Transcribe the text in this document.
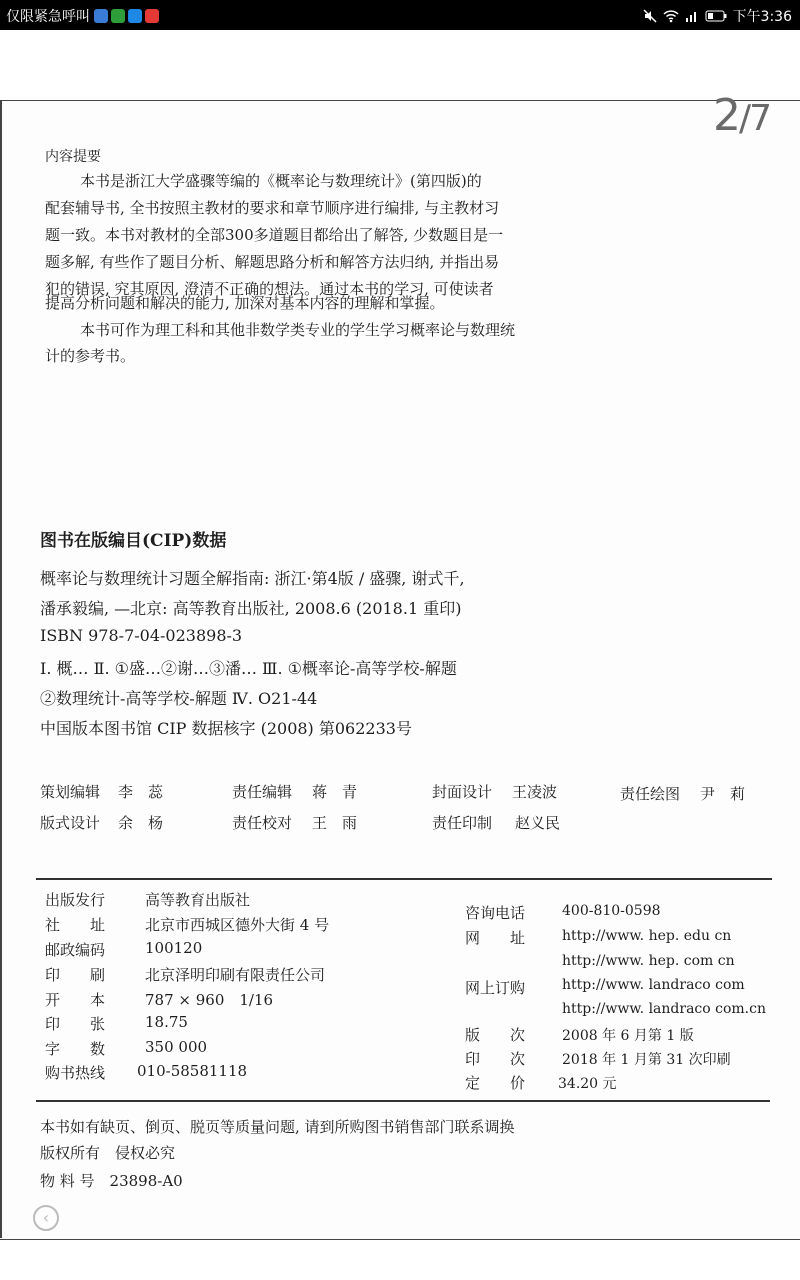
仅限紧急呼叫	下午3:36
2/7
内容提要
本书是浙江大学盛骤等编的《概率论与数理统计》(第四版)的
配套辅导书, 全书按照主教材的要求和章节顺序进行编排, 与主教材习
题一致。本书对教材的全部300多道题目都给出了解答, 少数题目是一
题多解, 有些作了题目分析、解题思路分析和解答方法归纳, 并指出易
犯的错误, 究其原因, 澄清不正确的想法。通过本书的学习, 可使读者
提高分析问题和解决的能力, 加深对基本内容的理解和掌握。
本书可作为理工科和其他非数学类专业的学生学习概率论与数理统
计的参考书。
图书在版编目(CIP)数据
概率论与数理统计习题全解指南: 浙江·第4版 / 盛骤, 谢式千,
潘承毅编, —北京: 高等教育出版社, 2008.6 (2018.1 重印)
ISBN 978-7-04-023898-3
Ⅰ. 概… Ⅱ. ①盛…②谢…③潘… Ⅲ. ①概率论-高等学校-解题
②数理统计-高等学校-解题 Ⅳ. O21-44
中国版本图书馆 CIP 数据核字 (2008) 第062233号
策划编辑 李　蕊	责任编辑 蒋　青	封面设计 王凌波	责任绘图 尹　莉
版式设计 余　杨	责任校对 王　雨	责任印制 赵义民
出版发行	高等教育出版社
社　　址	北京市西城区德外大街 4 号
邮政编码	100120
印　　刷	北京泽明印刷有限责任公司
开　　本	787 × 960　1/16
印　　张	18.75
字　　数	350 000
购书热线 010-58581118
咨询电话	400-810-0598
网　　址	http://www. hep. edu cn
http://www. hep. com cn
网上订购	http://www. landraco com
http://www. landraco com.cn
版　　次	2008 年 6 月第 1 版
印　　次	2018 年 1 月第 31 次印刷
定　　价 34.20 元
本书如有缺页、倒页、脱页等质量问题, 请到所购图书销售部门联系调换
版权所有　侵权必究
物 料 号　23898-A0
‹
